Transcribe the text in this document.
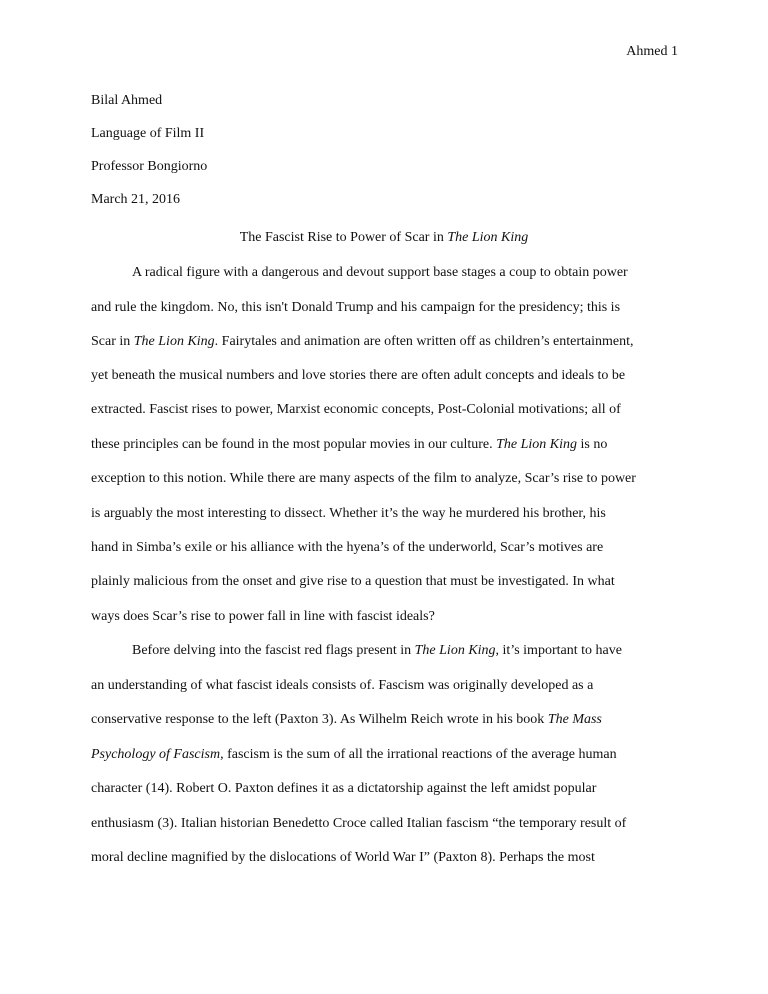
Ahmed 1
Bilal Ahmed
Language of Film II
Professor Bongiorno
March 21, 2016
The Fascist Rise to Power of Scar in The Lion King
A radical figure with a dangerous and devout support base stages a coup to obtain power
and rule the kingdom. No, this isn't Donald Trump and his campaign for the presidency; this is
Scar in The Lion King. Fairytales and animation are often written off as children’s entertainment,
yet beneath the musical numbers and love stories there are often adult concepts and ideals to be
extracted. Fascist rises to power, Marxist economic concepts, Post-Colonial motivations; all of
these principles can be found in the most popular movies in our culture. The Lion King is no
exception to this notion. While there are many aspects of the film to analyze, Scar’s rise to power
is arguably the most interesting to dissect. Whether it’s the way he murdered his brother, his
hand in Simba’s exile or his alliance with the hyena’s of the underworld, Scar’s motives are
plainly malicious from the onset and give rise to a question that must be investigated. In what
ways does Scar’s rise to power fall in line with fascist ideals?
Before delving into the fascist red flags present in The Lion King, it’s important to have
an understanding of what fascist ideals consists of. Fascism was originally developed as a
conservative response to the left (Paxton 3). As Wilhelm Reich wrote in his book The Mass
Psychology of Fascism, fascism is the sum of all the irrational reactions of the average human
character (14). Robert O. Paxton defines it as a dictatorship against the left amidst popular
enthusiasm (3). Italian historian Benedetto Croce called Italian fascism “the temporary result of
moral decline magnified by the dislocations of World War I” (Paxton 8). Perhaps the most
